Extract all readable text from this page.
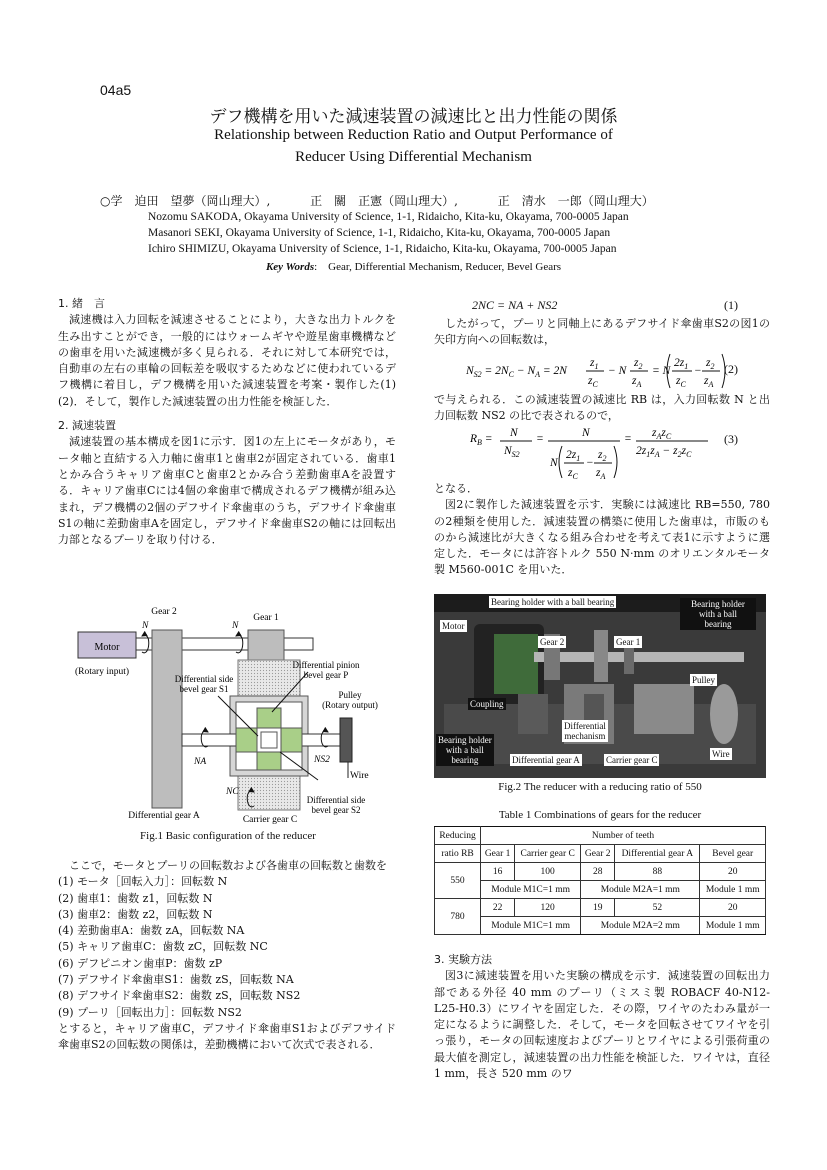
04a5
デフ機構を用いた減速装置の減速比と出力性能の関係
Relationship between Reduction Ratio and Output Performance of
Reducer Using Differential Mechanism
○学　迫田　望夢（岡山理大）,	正　關　正憲（岡山理大）,	正　清水　一郎（岡山理大）
Nozomu SAKODA, Okayama University of Science, 1-1, Ridaicho, Kita-ku, Okayama, 700-0005 Japan
Masanori SEKI, Okayama University of Science, 1-1, Ridaicho, Kita-ku, Okayama, 700-0005 Japan
Ichiro SHIMIZU, Okayama University of Science, 1-1, Ridaicho, Kita-ku, Okayama, 700-0005 Japan
Key Words:　Gear, Differential Mechanism, Reducer, Bevel Gears

1. 緒　言

減速機は入力回転を減速させることにより，大きな出力トルクを生み出すことができ，一般的にはウォームギヤや遊星歯車機構などの歯車を用いた減速機が多く見られる．それに対して本研究では，自動車の左右の車輪の回転差を吸収するためなどに使われているデフ機構に着目し，デフ機構を用いた減速装置を考案・製作した(1)(2)．そして，製作した減速装置の出力性能を検証した．

2. 減速装置

減速装置の基本構成を図1に示す．図1の左上にモータがあり，モータ軸と直結する入力軸に歯車1と歯車2が固定されている．歯車1とかみ合うキャリア歯車Cと歯車2とかみ合う差動歯車Aを設置する．キャリア歯車Cには4個の傘歯車で構成されるデフ機構が組み込まれ，デフ機構の2個のデフサイド傘歯車のうち，デフサイド傘歯車S1の軸に差動歯車Aを固定し，デフサイド傘歯車S2の軸には回転出力部となるプーリを取り付ける．

Motor
(Rotary input)
Gear 2
Gear 1
N	N
Differential side bevel gear S1
Differential pinion bevel gear P
Pulley (Rotary output)
NA	NS2
NC
Wire
Differential gear A	Carrier gear C
Differential side bevel gear S2
Fig.1 Basic configuration of the reducer

ここで，モータとプーリの回転数および各歯車の回転数と歯数を

(1) モータ［回転入力］：回転数 N
(2) 歯車1：歯数 z1，回転数 N
(3) 歯車2：歯数 z2，回転数 N
(4) 差動歯車A：歯数 zA，回転数 NA
(5) キャリア歯車C：歯数 zC，回転数 NC
(6) デフピニオン歯車P：歯数 zP
(7) デフサイド傘歯車S1：歯数 zS，回転数 NA
(8) デフサイド傘歯車S2：歯数 zS，回転数 NS2
(9) プーリ［回転出力］：回転数 NS2

とすると，キャリア歯車C，デフサイド傘歯車S1およびデフサイド傘歯車S2の回転数の関係は，差動機構において次式で表される．

2NC = NA + NS2	(1)

したがって，プーリと同軸上にあるデフサイド傘歯車S2の図1の矢印方向への回転数は，

$N_{S2} = 2N_C - N_A = 2N$
$z_1$
$z_C$
− N
$z_2$
$z_A$
= N
$2z_1$
$z_C$
−
$z_2$
$z_A$
(2)

で与えられる．この減速装置の減速比 RB は，入力回転数 N と出力回転数 NS2 の比で表されるので，

$R_B = N$
$N_{S2}$
=	N
N
$2z_1$
$z_C$
−
$z_2$
$z_A$
= $z_Az_C$
$2z_1z_A - z_2z_C$
(3)

となる．

図2に製作した減速装置を示す．実験には減速比 RB=550, 780 の2種類を使用した．減速装置の構築に使用した歯車は，市販のものから減速比が大きくなる組み合わせを考えて表1に示すように選定した．モータには許容トルク 550 N·mm のオリエンタルモータ製 M560-001C を用いた．

Bearing holder with a ball bearing	Bearing holder
with a ball
bearing
Motor
Gear 2	Gear 1
Pulley
Coupling
Differential
mechanism
Bearing holder
with a ball
bearing	Differential gear A	Carrier gear C
Wire
Fig.2 The reducer with a reducing ratio of 550
Table 1 Combinations of gears for the reducer
Reducing	Number of teeth				
ratio RB	Gear 1	Carrier gear C	Gear 2	Differential gear A	Bevel gear
550	16	100	28	88	20
	Module M1C=1 mm		Module M2A=1 mm		Module 1 mm
780	22	120	19	52	20
	Module M1C=1 mm		Module M2A=2 mm		Module 1 mm

3. 実験方法

図3に減速装置を用いた実験の構成を示す．減速装置の回転出力部である外径 40 mm のプーリ（ミスミ製 ROBACF 40-N12-L25-H0.3）にワイヤを固定した．その際，ワイヤのたわみ量が一定になるように調整した．そして，モータを回転させてワイヤを引っ張り，モータの回転速度およびプーリとワイヤによる引張荷重の最大値を測定し，減速装置の出力性能を検証した．ワイヤは，直径 1 mm，長さ 520 mm のワ
